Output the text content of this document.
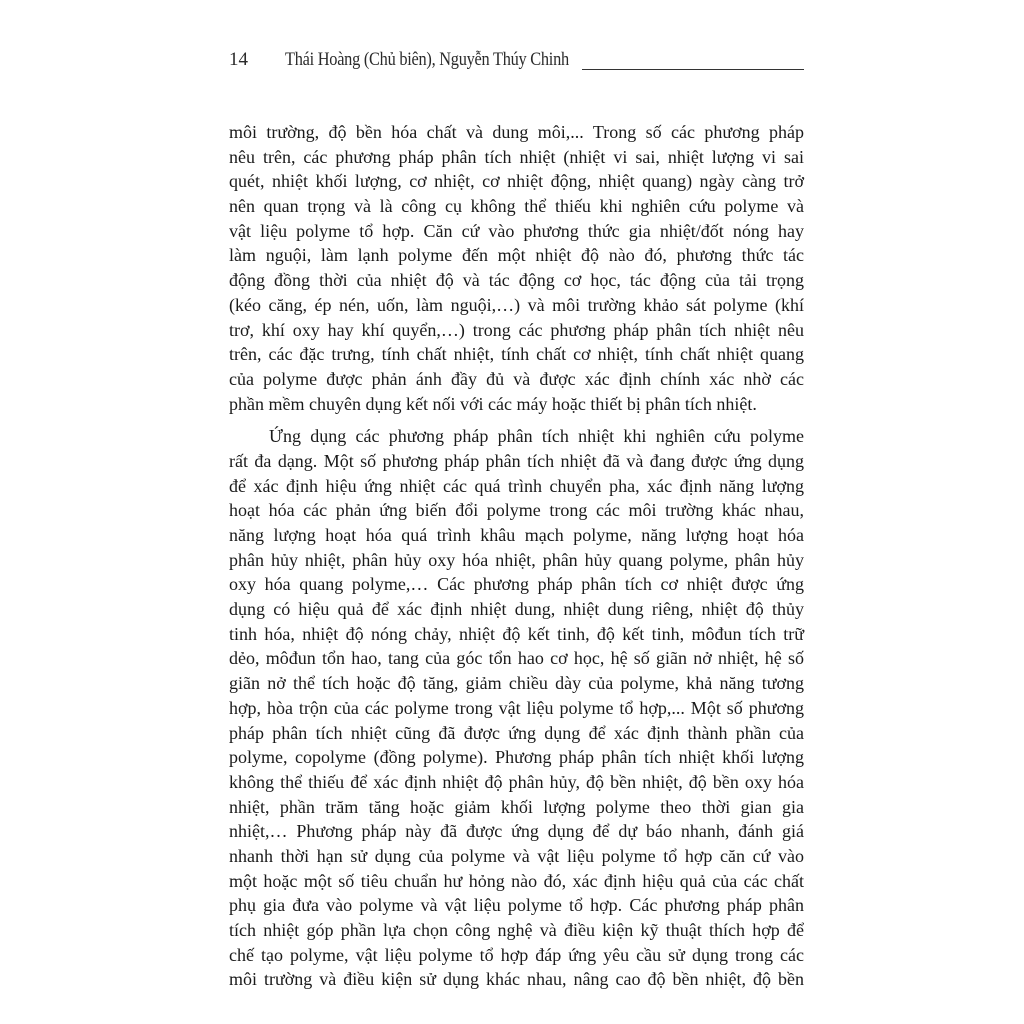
14 Thái Hoàng (Chủ biên), Nguyễn Thúy Chinh
môi trường, độ bền hóa chất và dung môi,... Trong số các phương pháp
nêu trên, các phương pháp phân tích nhiệt (nhiệt vi sai, nhiệt lượng vi sai
quét, nhiệt khối lượng, cơ nhiệt, cơ nhiệt động, nhiệt quang) ngày càng trở
nên quan trọng và là công cụ không thể thiếu khi nghiên cứu polyme và
vật liệu polyme tổ hợp. Căn cứ vào phương thức gia nhiệt/đốt nóng hay
làm nguội, làm lạnh polyme đến một nhiệt độ nào đó, phương thức tác
động đồng thời của nhiệt độ và tác động cơ học, tác động của tải trọng
(kéo căng, ép nén, uốn, làm nguội,…) và môi trường khảo sát polyme (khí
trơ, khí oxy hay khí quyển,…) trong các phương pháp phân tích nhiệt nêu
trên, các đặc trưng, tính chất nhiệt, tính chất cơ nhiệt, tính chất nhiệt quang
của polyme được phản ánh đầy đủ và được xác định chính xác nhờ các
phần mềm chuyên dụng kết nối với các máy hoặc thiết bị phân tích nhiệt.
Ứng dụng các phương pháp phân tích nhiệt khi nghiên cứu polyme
rất đa dạng. Một số phương pháp phân tích nhiệt đã và đang được ứng dụng
để xác định hiệu ứng nhiệt các quá trình chuyển pha, xác định năng lượng
hoạt hóa các phản ứng biến đổi polyme trong các môi trường khác nhau,
năng lượng hoạt hóa quá trình khâu mạch polyme, năng lượng hoạt hóa
phân hủy nhiệt, phân hủy oxy hóa nhiệt, phân hủy quang polyme, phân hủy
oxy hóa quang polyme,… Các phương pháp phân tích cơ nhiệt được ứng
dụng có hiệu quả để xác định nhiệt dung, nhiệt dung riêng, nhiệt độ thủy
tinh hóa, nhiệt độ nóng chảy, nhiệt độ kết tinh, độ kết tinh, môđun tích trữ
dẻo, môđun tổn hao, tang của góc tổn hao cơ học, hệ số giãn nở nhiệt, hệ số
giãn nở thể tích hoặc độ tăng, giảm chiều dày của polyme, khả năng tương
hợp, hòa trộn của các polyme trong vật liệu polyme tổ hợp,... Một số phương
pháp phân tích nhiệt cũng đã được ứng dụng để xác định thành phần của
polyme, copolyme (đồng polyme). Phương pháp phân tích nhiệt khối lượng
không thể thiếu để xác định nhiệt độ phân hủy, độ bền nhiệt, độ bền oxy hóa
nhiệt, phần trăm tăng hoặc giảm khối lượng polyme theo thời gian gia
nhiệt,… Phương pháp này đã được ứng dụng để dự báo nhanh, đánh giá
nhanh thời hạn sử dụng của polyme và vật liệu polyme tổ hợp căn cứ vào
một hoặc một số tiêu chuẩn hư hỏng nào đó, xác định hiệu quả của các chất
phụ gia đưa vào polyme và vật liệu polyme tổ hợp. Các phương pháp phân
tích nhiệt góp phần lựa chọn công nghệ và điều kiện kỹ thuật thích hợp để
chế tạo polyme, vật liệu polyme tổ hợp đáp ứng yêu cầu sử dụng trong các
môi trường và điều kiện sử dụng khác nhau, nâng cao độ bền nhiệt, độ bền
